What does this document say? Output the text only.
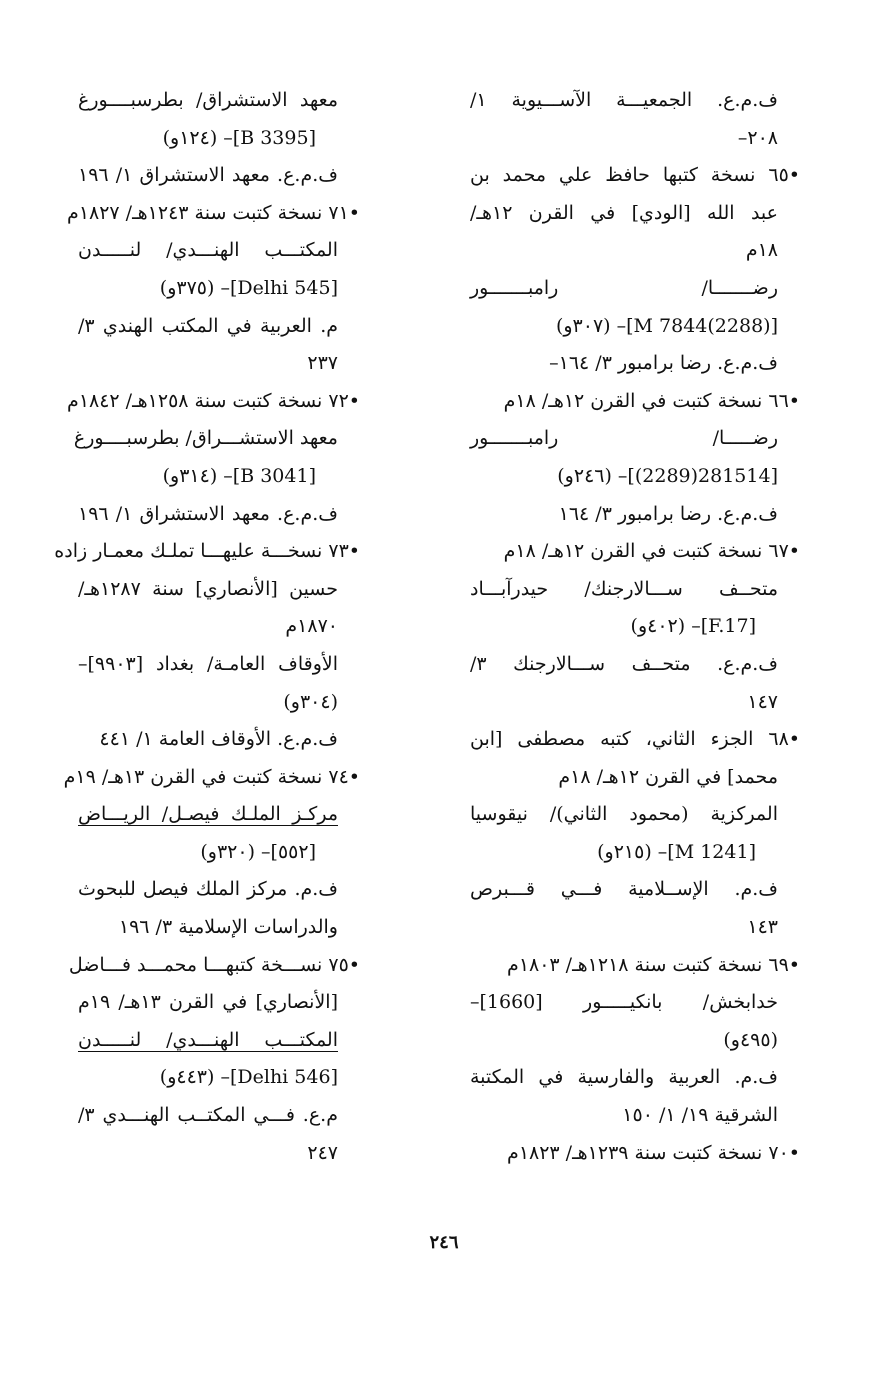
ف.م.ع. الجمعيـــة الآســـيوية ١/
٢٠٨–
•٦٥ نسخة كتبها حافظ علي محمد بن
عبد الله [الودي] في القرن ١٢هـ/
١٨م
رضـــــــا/ رامبـــــــور
[M 7844(2288)]– (٣٠٧و)
ف.م.ع. رضا برامبور ٣/ ١٦٤–
•٦٦ نسخة كتبت في القرن ١٢هـ/ ١٨م
رضـــــا/ رامبـــــــور
[281514(2289)]– (٢٤٦و)
ف.م.ع. رضا برامبور ٣/ ١٦٤
•٦٧ نسخة كتبت في القرن ١٢هـ/ ١٨م
متحــف ســـالارجنك/ حيدرآبـــاد
[F.17]– (٤٠٢و)
ف.م.ع. متحــف ســـالارجنك ٣/
١٤٧
•٦٨ الجزء الثاني، كتبه مصطفى [ابن
محمد] في القرن ١٢هـ/ ١٨م
المركزية (محمود الثاني)/ نيقوسيا
[M 1241]– (٢١٥و)
ف.م. الإســلامية فـــي قـــبرص
١٤٣
•٦٩ نسخة كتبت سنة ١٢١٨هـ/ ١٨٠٣م
خدابخش/ بانكيـــــور [1660]–
(٤٩٥و)
ف.م. العربية والفارسية في المكتبة
الشرقية ١٩/ ١/ ١٥٠
•٧٠ نسخة كتبت سنة ١٢٣٩هـ/ ١٨٢٣م
معهد الاستشراق/ بطرسبــــورغ
[B 3395]– (١٢٤و)
ف.م.ع. معهد الاستشراق ١/ ١٩٦
•٧١ نسخة كتبت سنة ١٢٤٣هـ/ ١٨٢٧م
المكتـــب الهنـــدي/ لنـــــدن
[Delhi 545]– (٣٧٥و)
م. العربية في المكتب الهندي ٣/
٢٣٧
•٧٢ نسخة كتبت سنة ١٢٥٨هـ/ ١٨٤٢م
معهد الاستشـــراق/ بطرسبــــورغ
[B 3041]– (٣١٤و)
ف.م.ع. معهد الاستشراق ١/ ١٩٦
•٧٣ نسخـــة عليهـــا تملـك معمـار زاده
حسين [الأنصاري] سنة ١٢٨٧هـ/
١٨٧٠م
الأوقاف العامـة/ بغداد [٩٩٠٣]–
(٣٠٤و)
ف.م.ع. الأوقاف العامة ١/ ٤٤١
•٧٤ نسخة كتبت في القرن ١٣هـ/ ١٩م
مركـز الملـك فيصـل/ الريـــاض
[٥٥٢]– (٣٢٠و)
ف.م. مركز الملك فيصل للبحوث
والدراسات الإسلامية ٣/ ١٩٦
•٧٥ نســـخة كتبهـــا محمـــد فـــاضل
[الأنصاري] في القرن ١٣هـ/ ١٩م
المكتـــب الهنـــدي/ لنـــــدن
[Delhi 546]– (٤٤٣و)
م.ع. فـــي المكتــب الهنـــدي ٣/
٢٤٧
٢٤٦
